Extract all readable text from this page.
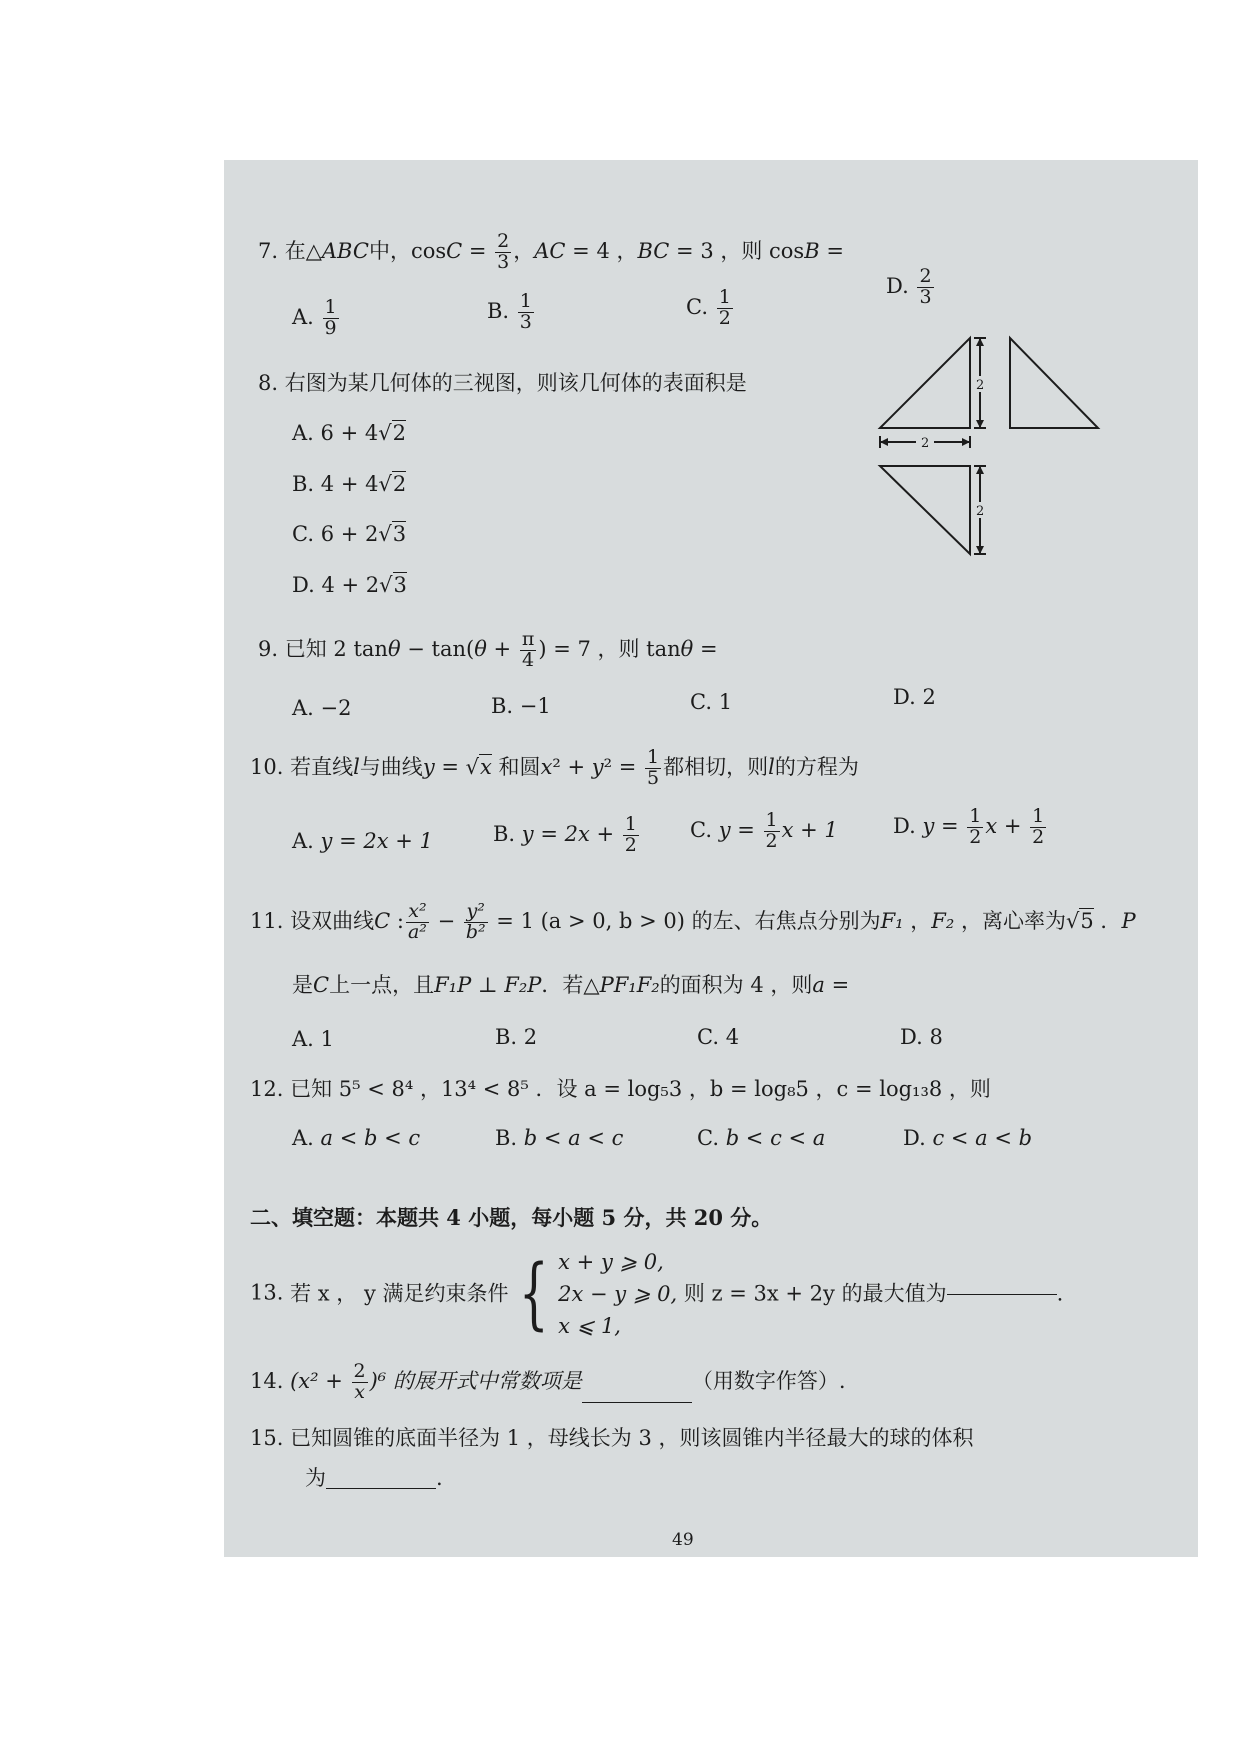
7. 在△ABC中，$\cos C = \frac{2}{3}$ ，AC = 4 ，BC = 3 ，则 cosB =
A. $\frac{1}{9}$	B. $\frac{1}{3}$	C. $\frac{1}{2}$
D. $\frac{2}{3}$
8. 右图为某几何体的三视图，则该几何体的表面积是
A. 6 + 4√2
B. 4 + 4√2
C. 6 + 2√3
D. 4 + 2√3
2
2
2
9. 已知 2 $\tan\theta - \tan(\theta + \frac{\pi}{4}$ ) = 7 ，则 tanθ =
A. −2	B. −1	C. 1	D. 2
10. 若直线l与曲线y = √x 和圆$x^2 + y^2 = \frac{1}{5}$ 都相切，则l的方程为
A. y = 2x + 1	B. $y = 2x + \frac{1}{2} C$. $y = \frac{1}{2}$ x + 1	D. $y = \frac{1}{2}$ $x + \frac{1}{2}$
11. 设双曲线C : $\frac{\text{x²}}{\text{a²}} - \frac{\text{y²}}{\text{b²}} = 1$ (a > 0, b > 0) 的左、右焦点分别为F₁ ，F₂ ，离心率为√5 ．P
是C上一点，且F₁P ⊥ F₂P．若△PF₁F₂的面积为 4 ，则a =
A. 1	B. 2	C. 4	D. 8
12. 已知 5⁵ < 8⁴ ，13⁴ < 8⁵ ．设 a = log₅3 ，b = log₈5 ，c = log₁₃8 ，则
A. a < b < c	B. b < a < c	C. b < c < a	D. c < a < b
二、填空题：本题共 4 小题，每小题 5 分，共 20 分。
13. 若 x ， y 满足约束条件 { x + y ⩾ 0,
2x − y ⩾ 0,
x ⩽ 1,
则 z = 3x + 2y 的最大值为	.
14. $(x^2 + \frac{2}{x} )^6$ 的展开式中常数项是	（用数字作答）.
15. 已知圆锥的底面半径为 1 ，母线长为 3 ，则该圆锥内半径最大的球的体积
为	.
49
